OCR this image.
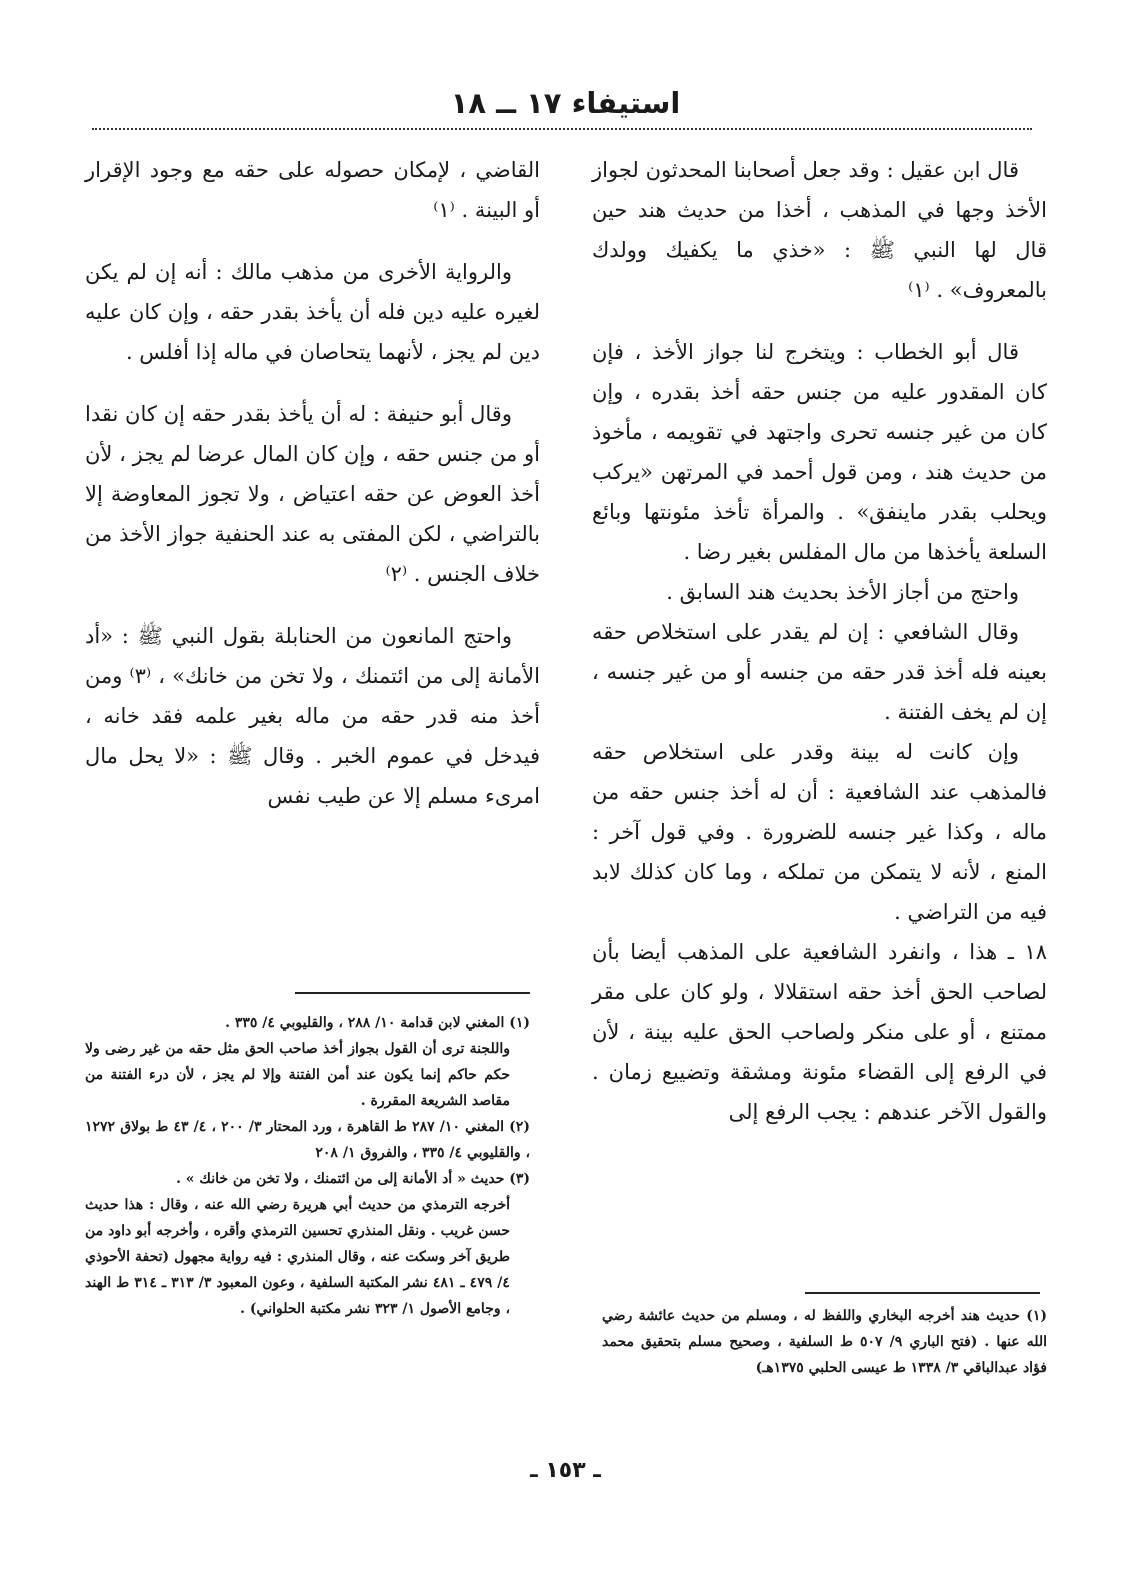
استيفاء ١٧ ــ ١٨

قال ابن عقيل : وقد جعل أصحابنا المحدثون لجواز الأخذ وجها في المذهب ، أخذا من حديث هند حين قال لها النبي ﷺ : «خذي ما يكفيك وولدك بالمعروف» . ⁽١⁾

قال أبو الخطاب : ويتخرج لنا جواز الأخذ ، فإن كان المقدور عليه من جنس حقه أخذ بقدره ، وإن كان من غير جنسه تحرى واجتهد في تقويمه ، مأخوذ من حديث هند ، ومن قول أحمد في المرتهن «يركب ويحلب بقدر ماينفق» . والمرأة تأخذ مئونتها وبائع السلعة يأخذها من مال المفلس بغير رضا .

واحتج من أجاز الأخذ بحديث هند السابق .

وقال الشافعي : إن لم يقدر على استخلاص حقه بعينه فله أخذ قدر حقه من جنسه أو من غير جنسه ، إن لم يخف الفتنة .

وإن كانت له بينة وقدر على استخلاص حقه فالمذهب عند الشافعية : أن له أخذ جنس حقه من ماله ، وكذا غير جنسه للضرورة . وفي قول آخر : المنع ، لأنه لا يتمكن من تملكه ، وما كان كذلك لابد فيه من التراضي .

١٨ ـ هذا ، وانفرد الشافعية على المذهب أيضا بأن لصاحب الحق أخذ حقه استقلالا ، ولو كان على مقر ممتنع ، أو على منكر ولصاحب الحق عليه بينة ، لأن في الرفع إلى القضاء مئونة ومشقة وتضييع زمان . والقول الآخر عندهم : يجب الرفع إلى

القاضي ، لإمكان حصوله على حقه مع وجود الإقرار أو البينة . ⁽١⁾

والرواية الأخرى من مذهب مالك : أنه إن لم يكن لغيره عليه دين فله أن يأخذ بقدر حقه ، وإن كان عليه دين لم يجز ، لأنهما يتحاصان في ماله إذا أفلس .

وقال أبو حنيفة : له أن يأخذ بقدر حقه إن كان نقدا أو من جنس حقه ، وإن كان المال عرضا لم يجز ، لأن أخذ العوض عن حقه اعتياض ، ولا تجوز المعاوضة إلا بالتراضي ، لكن المفتى به عند الحنفية جواز الأخذ من خلاف الجنس . ⁽٢⁾

واحتج المانعون من الحنابلة بقول النبي ﷺ : «أد الأمانة إلى من ائتمنك ، ولا تخن من خانك» ، ⁽٣⁾ ومن أخذ منه قدر حقه من ماله بغير علمه فقد خانه ، فيدخل في عموم الخبر . وقال ﷺ : «لا يحل مال امرىء مسلم إلا عن طيب نفس

(١) المغني لابن قدامة ١٠/ ٢٨٨ ، والقليوبي ٤/ ٣٣٥ .
واللجنة ترى أن القول بجواز أخذ صاحب الحق مثل حقه من غير رضى ولا حكم حاكم إنما يكون عند أمن الفتنة وإلا لم يجز ، لأن درء الفتنة من مقاصد الشريعة المقررة .
(٢) المغني ١٠/ ٢٨٧ ط القاهرة ، ورد المحتار ٣/ ٢٠٠ ، ٤/ ٤٣ ط بولاق ١٢٧٢ ، والقليوبي ٤/ ٣٣٥ ، والفروق ١/ ٢٠٨
(٣) حديث « أد الأمانة إلى من ائتمنك ، ولا تخن من خانك » .
أخرجه الترمذي من حديث أبي هريرة رضي الله عنه ، وقال : هذا حديث حسن غريب . ونقل المنذري تحسين الترمذي وأقره ، وأخرجه أبو داود من طريق آخر وسكت عنه ، وقال المنذري : فيه رواية مجهول (تحفة الأحوذي ٤/ ٤٧٩ ـ ٤٨١ نشر المكتبة السلفية ، وعون المعبود ٣/ ٣١٣ ـ ٣١٤ ط الهند ، وجامع الأصول ١/ ٣٢٣ نشر مكتبة الحلواني) .	(١) حديث هند أخرجه البخاري واللفظ له ، ومسلم من حديث عائشة رضي الله عنها . (فتح الباري ٩/ ٥٠٧ ط السلفية ، وصحيح مسلم بتحقيق محمد فؤاد عبدالباقي ٣/ ١٣٣٨ ط عيسى الحلبي ١٣٧٥هـ)
ـ ١٥٣ ـ
